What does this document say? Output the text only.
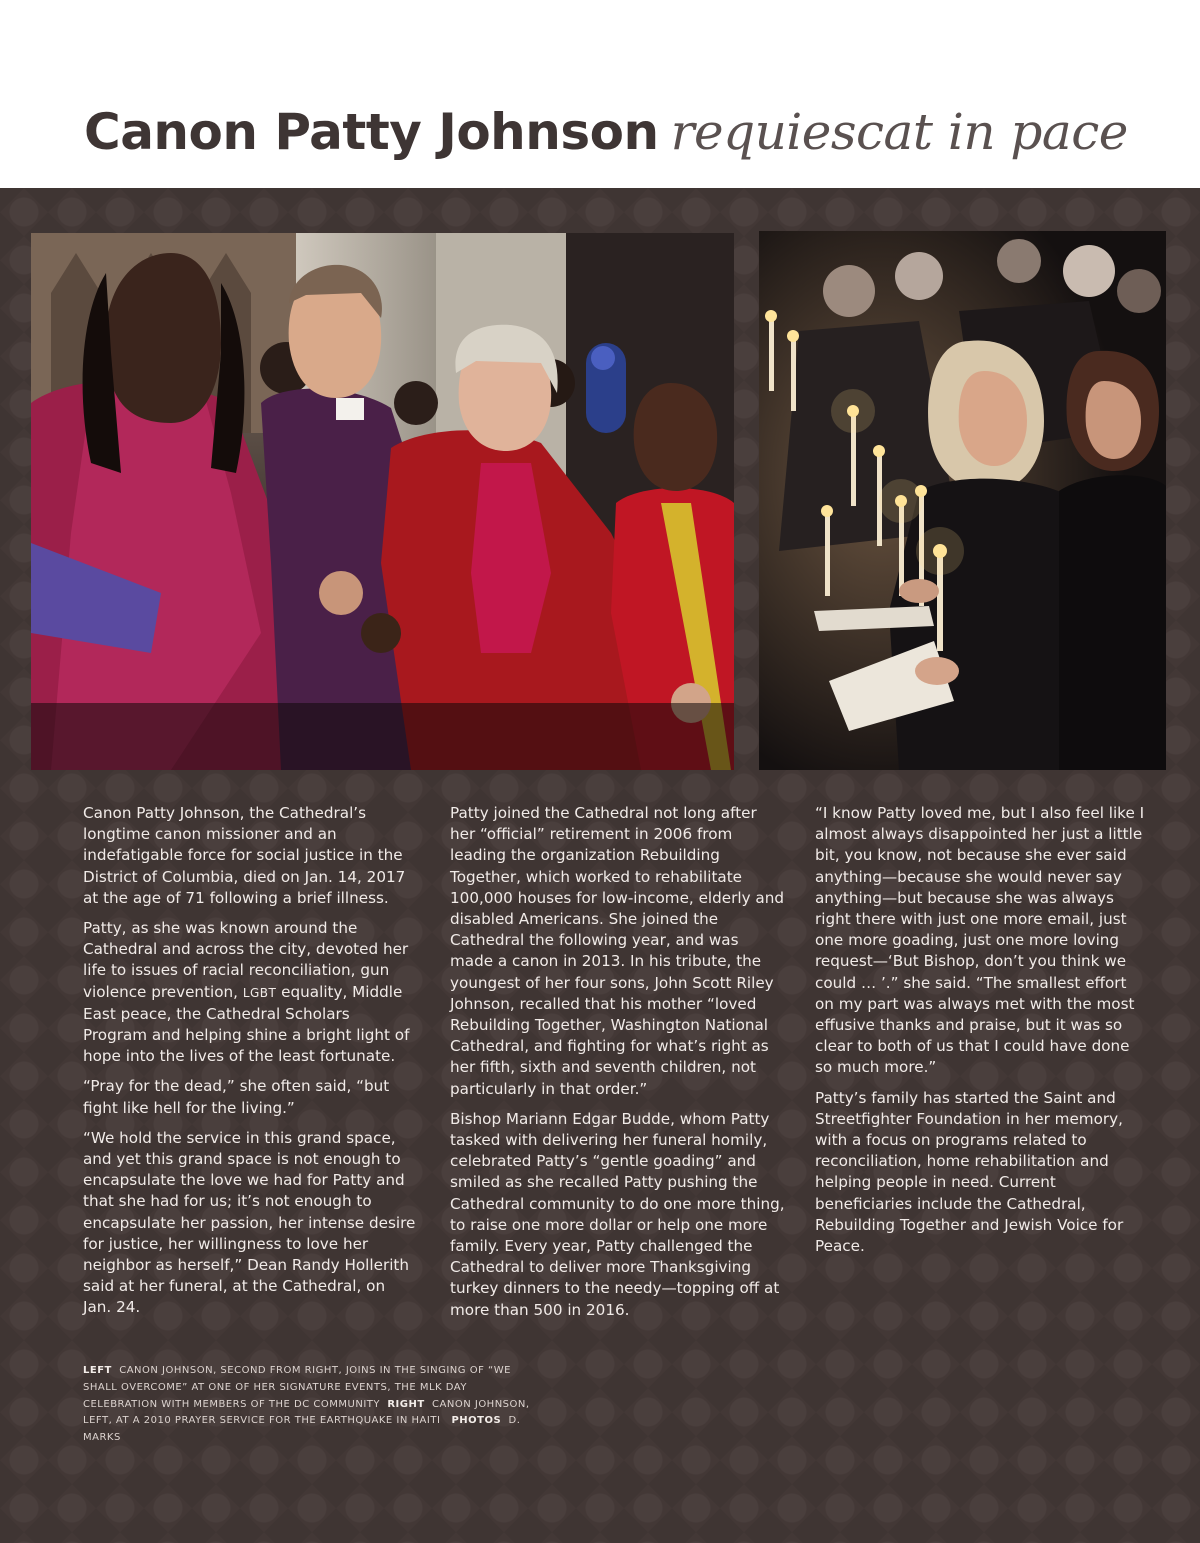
Canon Patty Johnson requiescat in pace

Canon Patty Johnson, the Cathedral’s longtime canon missioner and an indefatigable force for social justice in the District of Columbia, died on Jan. 14, 2017 at the age of 71 following a brief illness.

Patty, as she was known around the Cathedral and across the city, devoted her life to issues of racial reconciliation, gun violence prevention, LGBT equality, Middle East peace, the Cathedral Scholars Program and helping shine a bright light of hope into the lives of the least fortunate.

“Pray for the dead,” she often said, “but fight like hell for the living.”

“We hold the service in this grand space, and yet this grand space is not enough to encapsulate the love we had for Patty and that she had for us; it’s not enough to encapsulate her passion, her intense desire for justice, her willingness to love her neighbor as herself,” Dean Randy Hollerith said at her funeral, at the Cathedral, on Jan. 24.

Patty joined the Cathedral not long after her “official” retirement in 2006 from leading the organization Rebuilding Together, which worked to rehabilitate 100,000 houses for low-income, elderly and disabled Americans. She joined the Cathedral the following year, and was made a canon in 2013. In his tribute, the youngest of her four sons, John Scott Riley Johnson, recalled that his mother “loved Rebuilding Together, Washington National Cathedral, and fighting for what’s right as her fifth, sixth and seventh children, not particularly in that order.”

Bishop Mariann Edgar Budde, whom Patty tasked with delivering her funeral homily, celebrated Patty’s “gentle goading” and smiled as she recalled Patty pushing the Cathedral community to do one more thing, to raise one more dollar or help one more family. Every year, Patty challenged the Cathedral to deliver more Thanksgiving turkey dinners to the needy—topping off at more than 500 in 2016.

“I know Patty loved me, but I also feel like I almost always disappointed her just a little bit, you know, not because she ever said anything—because she would never say anything—but because she was always right there with just one more email, just one more goading, just one more loving request—‘But Bishop, don’t you think we could … ’.” she said. “The smallest effort on my part was always met with the most effusive thanks and praise, but it was so clear to both of us that I could have done so much more.”

Patty’s family has started the Saint and Streetfighter Foundation in her memory, with a focus on programs related to reconciliation, home rehabilitation and helping people in need. Current beneficiaries include the Cathedral, Rebuilding Together and Jewish Voice for Peace.

LEFT CANON JOHNSON, SECOND FROM RIGHT, JOINS IN THE SINGING OF “WE SHALL OVERCOME” AT ONE OF HER SIGNATURE EVENTS, THE MLK DAY CELEBRATION WITH MEMBERS OF THE DC COMMUNITY RIGHT CANON JOHNSON, LEFT, AT A 2010 PRAYER SERVICE FOR THE EARTHQUAKE IN HAITI PHOTOS D. MARKS
